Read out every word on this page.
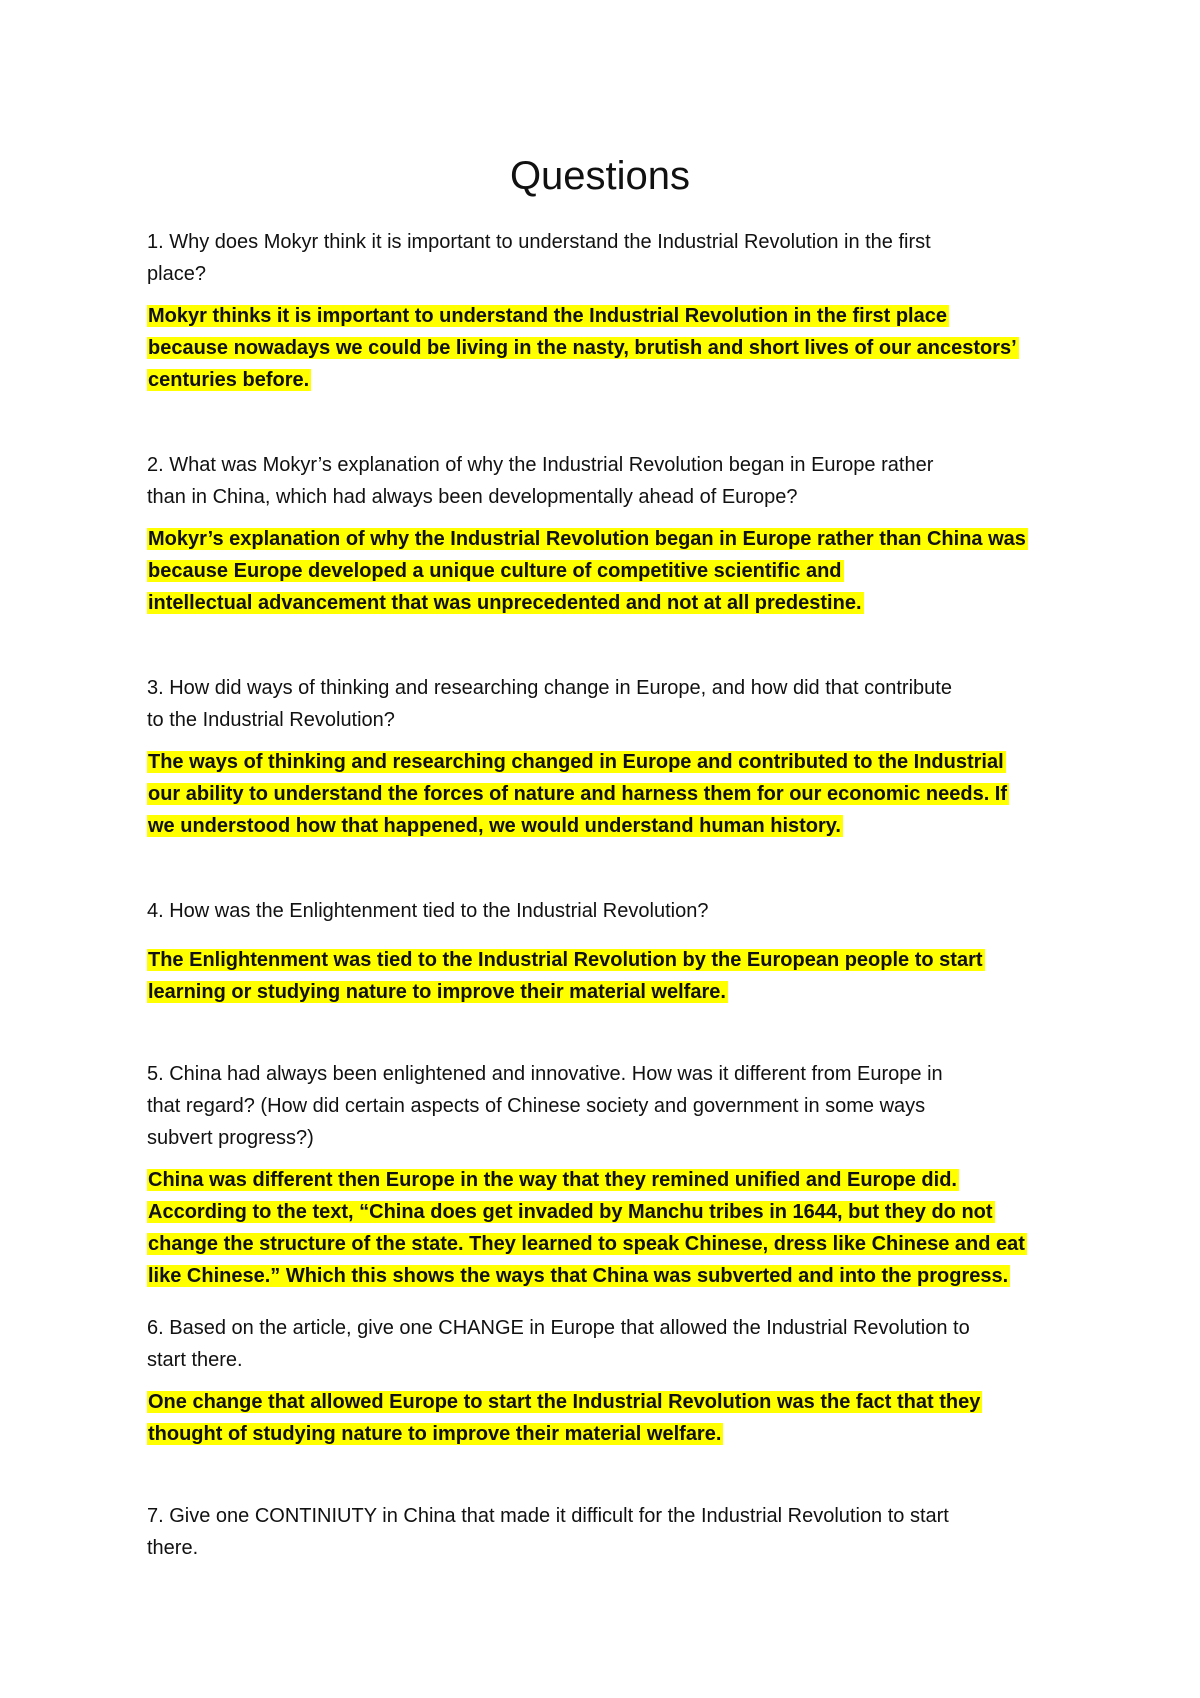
Questions
1. Why does Mokyr think it is important to understand the Industrial Revolution in the first
place?
Mokyr thinks it is important to understand the Industrial Revolution in the first place
because nowadays we could be living in the nasty, brutish and short lives of our ancestors’
centuries before.
2. What was Mokyr’s explanation of why the Industrial Revolution began in Europe rather
than in China, which had always been developmentally ahead of Europe?
Mokyr’s explanation of why the Industrial Revolution began in Europe rather than China was
because Europe developed a unique culture of competitive scientific and
intellectual advancement that was unprecedented and not at all predestine.
3. How did ways of thinking and researching change in Europe, and how did that contribute
to the Industrial Revolution?
The ways of thinking and researching changed in Europe and contributed to the Industrial
our ability to understand the forces of nature and harness them for our economic needs. If
we understood how that happened, we would understand human history.
4. How was the Enlightenment tied to the Industrial Revolution?
The Enlightenment was tied to the Industrial Revolution by the European people to start
learning or studying nature to improve their material welfare.
5. China had always been enlightened and innovative. How was it different from Europe in
that regard? (How did certain aspects of Chinese society and government in some ways
subvert progress?)
China was different then Europe in the way that they remined unified and Europe did.
According to the text, “China does get invaded by Manchu tribes in 1644, but they do not
change the structure of the state. They learned to speak Chinese, dress like Chinese and eat
like Chinese.” Which this shows the ways that China was subverted and into the progress.
6. Based on the article, give one CHANGE in Europe that allowed the Industrial Revolution to
start there.
One change that allowed Europe to start the Industrial Revolution was the fact that they
thought of studying nature to improve their material welfare.
7. Give one CONTINIUTY in China that made it difficult for the Industrial Revolution to start
there.
